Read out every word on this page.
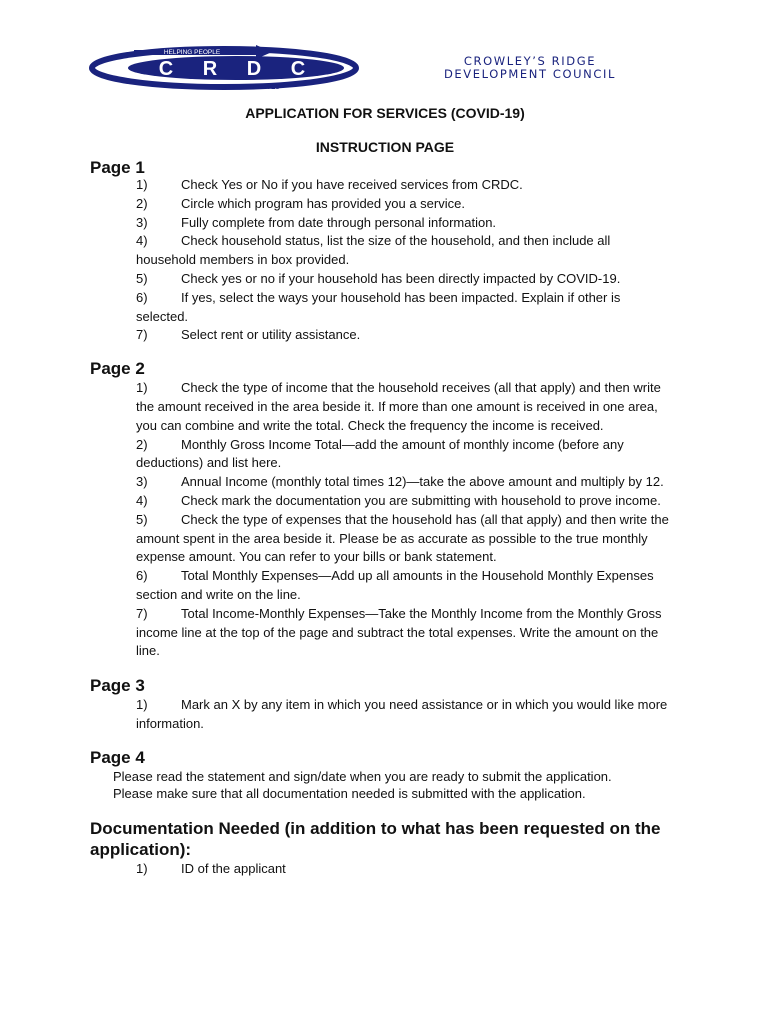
C R D C
HELPING PEOPLE
CHANGING LIVES
CROWLEY’S RIDGE
DEVELOPMENT COUNCIL
APPLICATION FOR SERVICES (COVID-19)
INSTRUCTION PAGE
Page 1
1)	Check Yes or No if you have received services from CRDC.
2)	Circle which program has provided you a service.
3)	Fully complete from date through personal information.
4)	Check household status, list the size of the household, and then include all household members in box provided.
5)	Check yes or no if your household has been directly impacted by COVID-19.
6)	If yes, select the ways your household has been impacted. Explain if other is selected.
7)	Select rent or utility assistance.
Page 2
1)	Check the type of income that the household receives (all that apply) and then write the amount received in the area beside it. If more than one amount is received in one area, you can combine and write the total. Check the frequency the income is received.
2)	Monthly Gross Income Total—add the amount of monthly income (before any deductions) and list here.
3)	Annual Income (monthly total times 12)—take the above amount and multiply by 12.
4)	Check mark the documentation you are submitting with household to prove income.
5)	Check the type of expenses that the household has (all that apply) and then write the amount spent in the area beside it. Please be as accurate as possible to the true monthly expense amount. You can refer to your bills or bank statement.
6)	Total Monthly Expenses—Add up all amounts in the Household Monthly Expenses section and write on the line.
7)	Total Income-Monthly Expenses—Take the Monthly Income from the Monthly Gross income line at the top of the page and subtract the total expenses. Write the amount on the line.
Page 3
1)	Mark an X by any item in which you need assistance or in which you would like more information.
Page 4
Please read the statement and sign/date when you are ready to submit the application.
Please make sure that all documentation needed is submitted with the application.
Documentation Needed (in addition to what has been requested on the application):
1)	ID of the applicant
